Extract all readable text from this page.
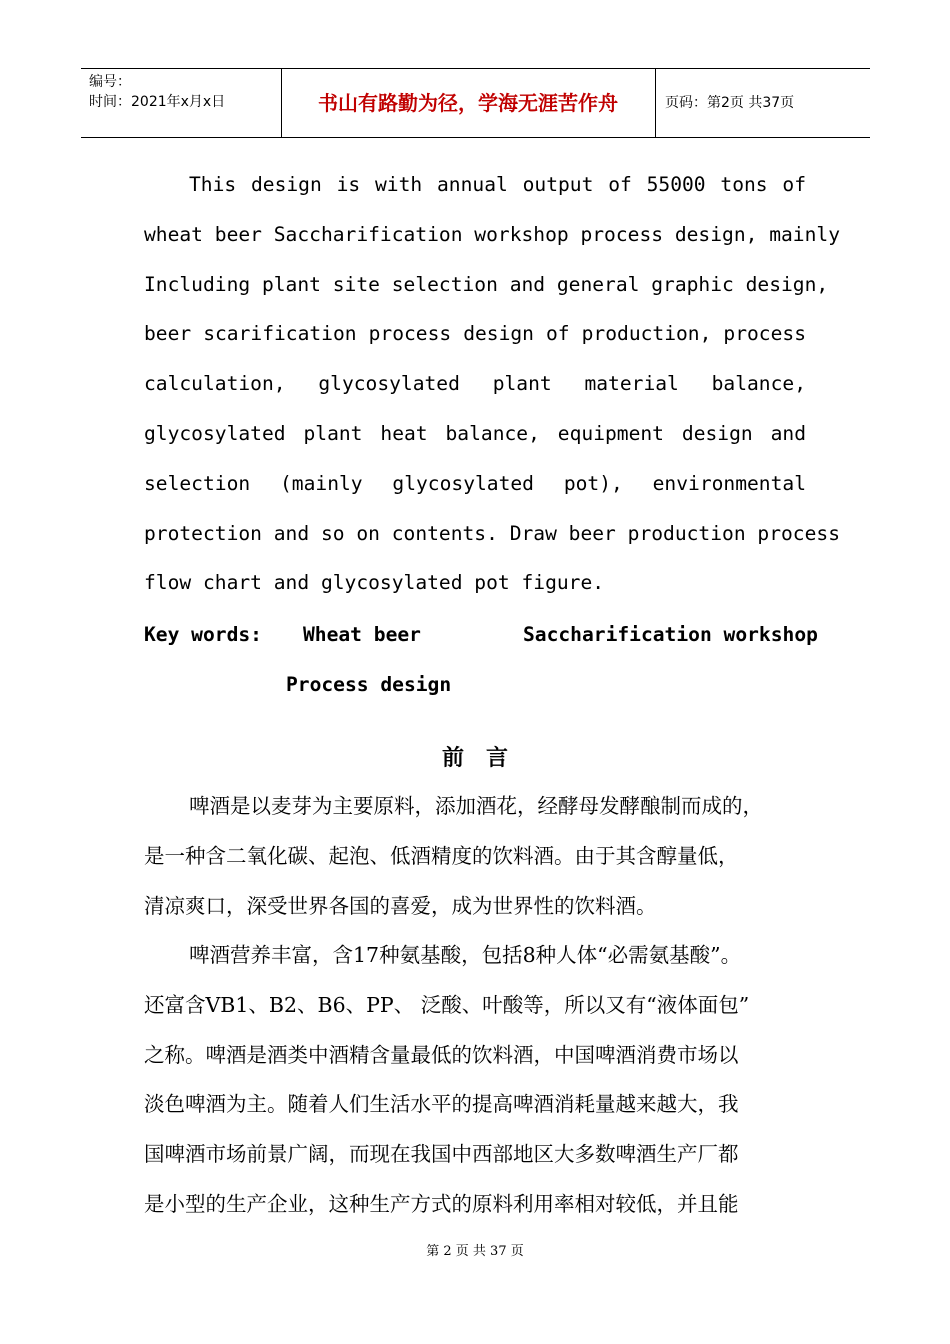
编号：
时间：2021年x月x日	书山有路勤为径，学海无涯苦作舟	页码：第2页 共37页
This design is with annual output of 55000 tons of
wheat beer Saccharification workshop process design, mainly
Including plant site selection and general graphic design,
beer scarification process design of production, process
calculation, glycosylated plant material balance,
glycosylated plant heat balance, equipment design and
selection (mainly glycosylated pot), environmental
protection and so on contents. Draw beer production process
flow chart and glycosylated pot figure.
Key words: Wheat beer	Saccharification workshop
Process design
前言
啤酒是以麦芽为主要原料，添加酒花，经酵母发酵酿制而成的，
是一种含二氧化碳、起泡、低酒精度的饮料酒。由于其含醇量低，
清凉爽口，深受世界各国的喜爱，成为世界性的饮料酒。
啤酒营养丰富，含17种氨基酸，包括8种人体“必需氨基酸”。
还富含VB1、B2、B6、PP、 泛酸、叶酸等，所以又有“液体面包”
之称。啤酒是酒类中酒精含量最低的饮料酒，中国啤酒消费市场以
淡色啤酒为主。随着人们生活水平的提高啤酒消耗量越来越大，我
国啤酒市场前景广阔，而现在我国中西部地区大多数啤酒生产厂都
是小型的生产企业，这种生产方式的原料利用率相对较低，并且能
第 2 页 共 37 页
